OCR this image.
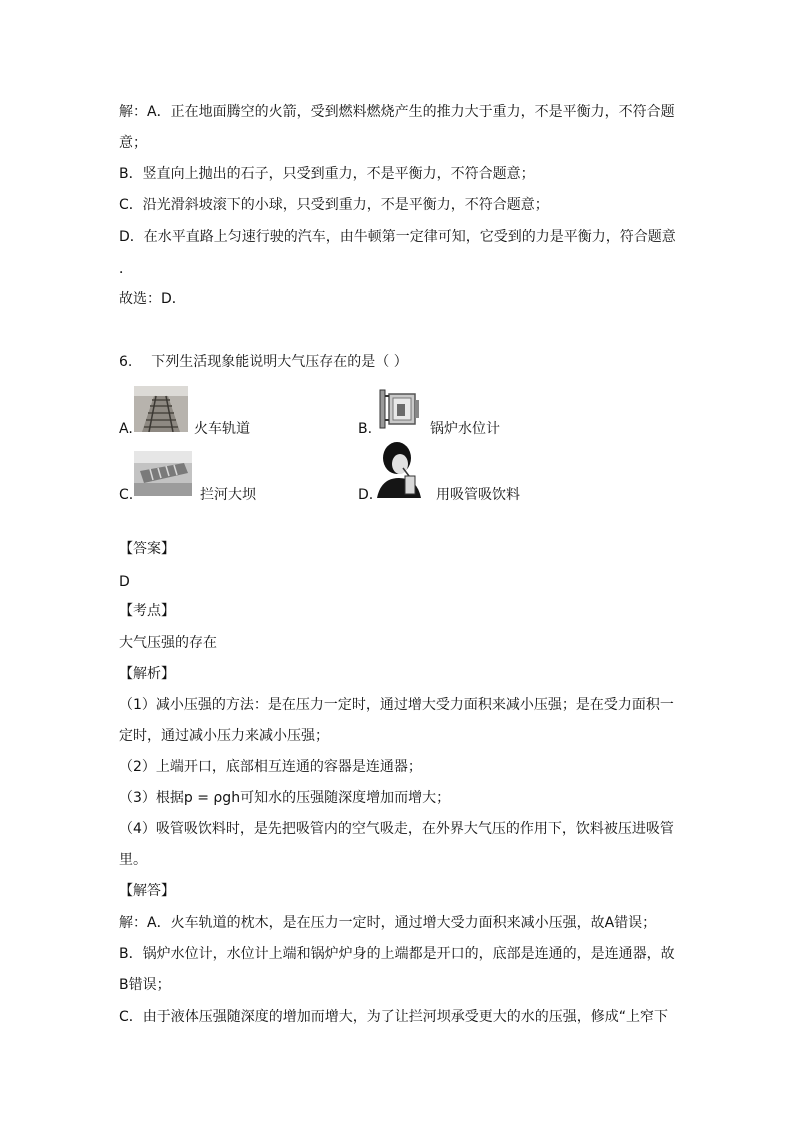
解：A．正在地面腾空的火箭，受到燃料燃烧产生的推力大于重力，不是平衡力，不符合题
意；
B．竖直向上抛出的石子，只受到重力，不是平衡力，不符合题意；
C．沿光滑斜坡滚下的小球，只受到重力，不是平衡力，不符合题意；
D．在水平直路上匀速行驶的汽车，由牛顿第一定律可知，它受到的力是平衡力，符合题意
．
故选：D．
6. 下列生活现象能说明大气压存在的是（ ）
A.	火车轨道	B.	锅炉水位计
C.	拦河大坝	D.	用吸管吸饮料
【答案】
D
【考点】
大气压强的存在
【解析】
（1）减小压强的方法：是在压力一定时，通过增大受力面积来减小压强；是在受力面积一
定时，通过减小压力来减小压强；
（2）上端开口，底部相互连通的容器是连通器；
（3）根据p = ρgh可知水的压强随深度增加而增大；
（4）吸管吸饮料时，是先把吸管内的空气吸走，在外界大气压的作用下，饮料被压进吸管
里。
【解答】
解：A．火车轨道的枕木，是在压力一定时，通过增大受力面积来减小压强，故A错误；
B．锅炉水位计，水位计上端和锅炉炉身的上端都是开口的，底部是连通的，是连通器，故
B错误；
C．由于液体压强随深度的增加而增大，为了让拦河坝承受更大的水的压强，修成“上窄下
